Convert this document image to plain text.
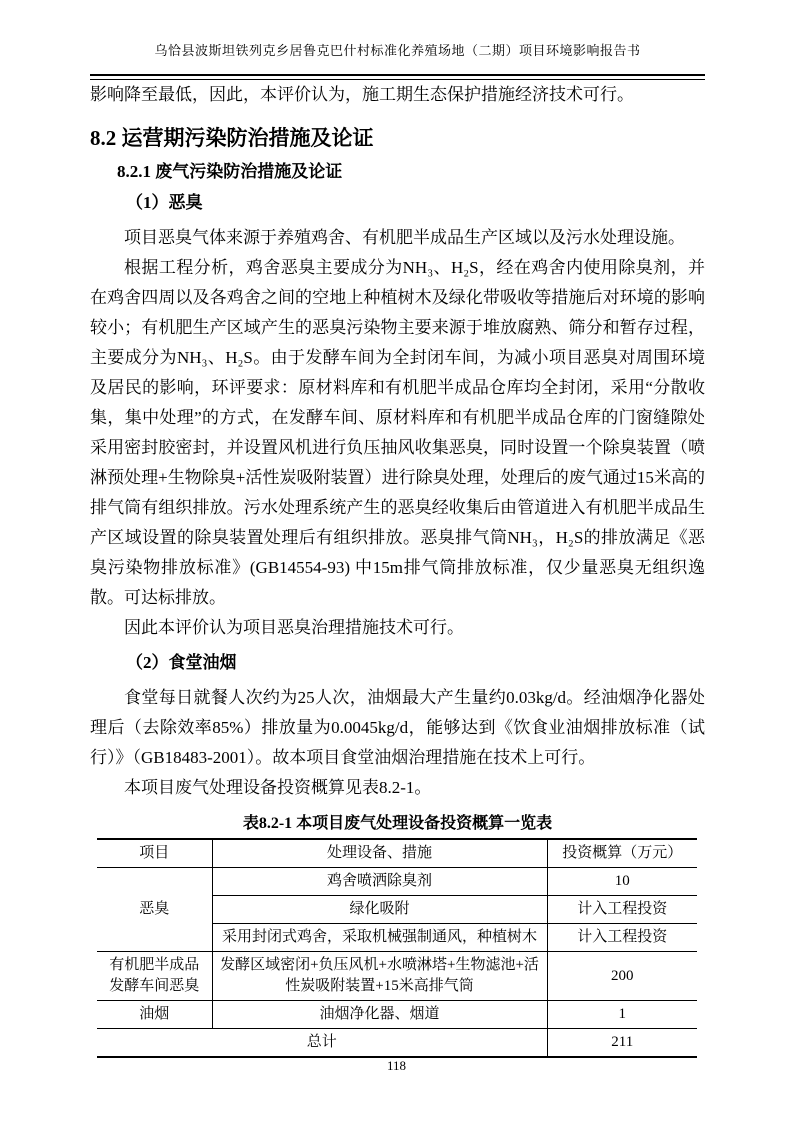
乌恰县波斯坦铁列克乡居鲁克巴什村标准化养殖场地（二期）项目环境影响报告书

影响降至最低，因此，本评价认为，施工期生态保护措施经济技术可行。

8.2 运营期污染防治措施及论证
8.2.1 废气污染防治措施及论证
（1）恶臭

项目恶臭气体来源于养殖鸡舍、有机肥半成品生产区域以及污水处理设施。

根据工程分析，鸡舍恶臭主要成分为NH₃、H₂S，经在鸡舍内使用除臭剂，并在鸡舍四周以及各鸡舍之间的空地上种植树木及绿化带吸收等措施后对环境的影响较小；有机肥生产区域产生的恶臭污染物主要来源于堆放腐熟、筛分和暂存过程，主要成分为NH₃、H₂S。由于发酵车间为全封闭车间，为减小项目恶臭对周围环境及居民的影响，环评要求：原材料库和有机肥半成品仓库均全封闭，采用“分散收集，集中处理”的方式，在发酵车间、原材料库和有机肥半成品仓库的门窗缝隙处采用密封胶密封，并设置风机进行负压抽风收集恶臭，同时设置一个除臭装置（喷淋预处理+生物除臭+活性炭吸附装置）进行除臭处理，处理后的废气通过15米高的排气筒有组织排放。污水处理系统产生的恶臭经收集后由管道进入有机肥半成品生产区域设置的除臭装置处理后有组织排放。恶臭排气筒NH₃，H₂S的排放满足《恶臭污染物排放标准》(GB14554-93) 中15m排气筒排放标准，仅少量恶臭无组织逸散。可达标排放。

因此本评价认为项目恶臭治理措施技术可行。

（2）食堂油烟

食堂每日就餐人次约为25人次，油烟最大产生量约0.03kg/d。经油烟净化器处理后（去除效率85%）排放量为0.0045kg/d，能够达到《饮食业油烟排放标准（试行）》（GB18483-2001）。故本项目食堂油烟治理措施在技术上可行。

本项目废气处理设备投资概算见表8.2-1。

表8.2-1 本项目废气处理设备投资概算一览表
项目	处理设备、措施	投资概算（万元）
恶臭	鸡舍喷洒除臭剂	10
	绿化吸附	计入工程投资
	采用封闭式鸡舍，采取机械强制通风，种植树木	计入工程投资
有机肥半成品发酵车间恶臭	发酵区域密闭+负压风机+水喷淋塔+生物滤池+活性炭吸附装置+15米高排气筒	200
油烟	油烟净化器、烟道	1
总计		211
118
